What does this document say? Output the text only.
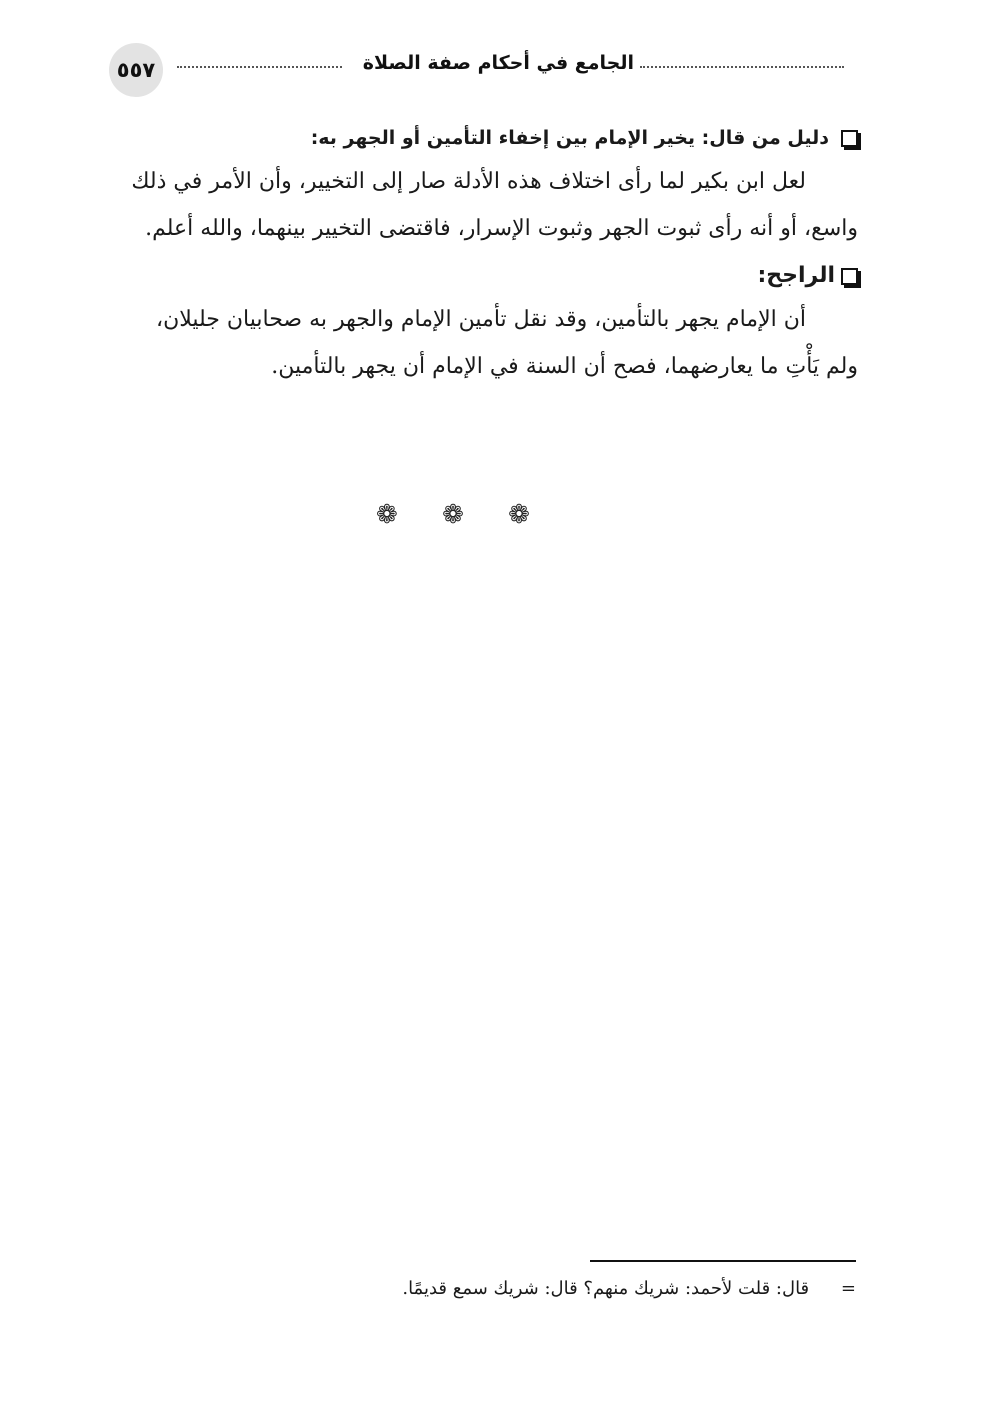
٥٥٧	الجامع في أحكام صفة الصلاة
دليل من قال: يخير الإمام بين إخفاء التأمين أو الجهر به:

لعل ابن بكير لما رأى اختلاف هذه الأدلة صار إلى التخيير، وأن الأمر في ذلك
واسع، أو أنه رأى ثبوت الجهر وثبوت الإسرار، فاقتضى التخيير بينهما، والله أعلم.

الراجح:

أن الإمام يجهر بالتأمين، وقد نقل تأمين الإمام والجهر به صحابيان جليلان،
ولم يَأْتِ ما يعارضهما، فصح أن السنة في الإمام أن يجهر بالتأمين.

❁ ❁ ❁
= قال: قلت لأحمد: شريك منهم؟ قال: شريك سمع قديمًا.
